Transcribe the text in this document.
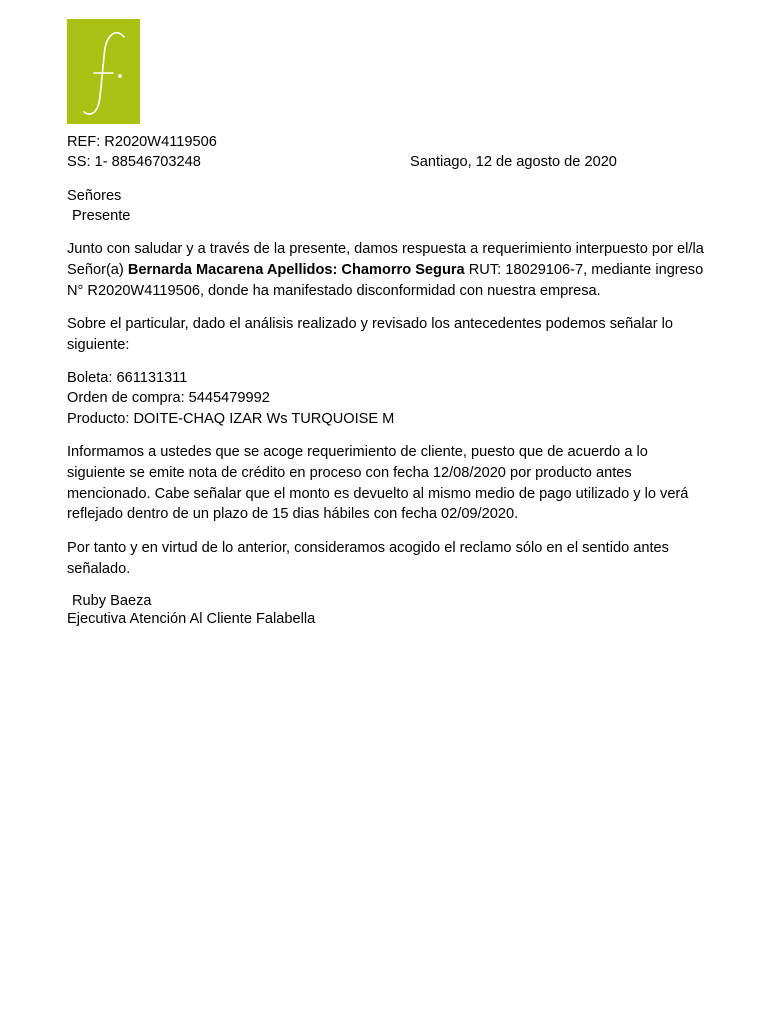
REF: R2020W4119506
SS: 1- 88546703248	Santiago, 12 de agosto de 2020
Señores
Presente

Junto con saludar y a través de la presente, damos respuesta a requerimiento interpuesto por el/la Señor(a) Bernarda Macarena Apellidos: Chamorro Segura RUT: 18029106-7, mediante ingreso N° R2020W4119506, donde ha manifestado disconformidad con nuestra empresa.

Sobre el particular, dado el análisis realizado y revisado los antecedentes podemos señalar lo siguiente:

Boleta: 661131311
Orden de compra: 5445479992
Producto: DOITE-CHAQ IZAR Ws TURQUOISE M

Informamos a ustedes que se acoge requerimiento de cliente, puesto que de acuerdo a lo siguiente se emite nota de crédito en proceso con fecha 12/08/2020 por producto antes mencionado. Cabe señalar que el monto es devuelto al mismo medio de pago utilizado y lo verá reflejado dentro de un plazo de 15 dias hábiles con fecha 02/09/2020.

Por tanto y en virtud de lo anterior, consideramos acogido el reclamo sólo en el sentido antes señalado.

Ruby Baeza
Ejecutiva Atención Al Cliente Falabella
